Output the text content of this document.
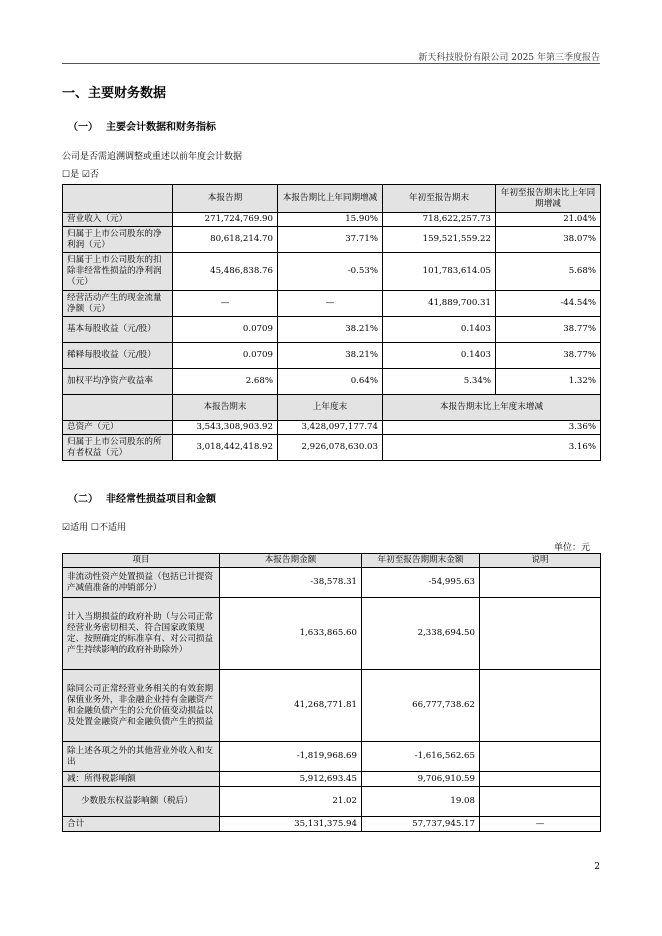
新天科技股份有限公司 2025 年第三季度报告
一、主要财务数据
（一） 主要会计数据和财务指标
公司是否需追溯调整或重述以前年度会计数据
☐是 ☑否
	本报告期	本报告期比上年同期增减	年初至报告期末	年初至报告期末比上年同期增减
营业收入（元）	271,724,769.90	15.90%	718,622,257.73	21.04%
归属于上市公司股东的净利润（元）	80,618,214.70	37.71%	159,521,559.22	38.07%
归属于上市公司股东的扣除非经常性损益的净利润（元）	45,486,838.76	-0.53%	101,783,614.05	5.68%
经营活动产生的现金流量净额（元）	—	—	41,889,700.31	-44.54%
基本每股收益（元/股）	0.0709	38.21%	0.1403	38.77%
稀释每股收益（元/股）	0.0709	38.21%	0.1403	38.77%
加权平均净资产收益率	2.68%	0.64%	5.34%	1.32%
	本报告期末	上年度末	本报告期末比上年度末增减	
总资产（元）	3,543,308,903.92	3,428,097,177.74	3.36%	
归属于上市公司股东的所有者权益（元）	3,018,442,418.92	2,926,078,630.03	3.16%	
（二） 非经常性损益项目和金额
☑适用 ☐不适用
单位：元
项目	本报告期金额	年初至报告期期末金额	说明
非流动性资产处置损益（包括已计提资产减值准备的冲销部分）	-38,578.31	-54,995.63	
计入当期损益的政府补助（与公司正常经营业务密切相关、符合国家政策规定、按照确定的标准享有、对公司损益产生持续影响的政府补助除外）	1,633,865.60	2,338,694.50	
除同公司正常经营业务相关的有效套期保值业务外，非金融企业持有金融资产和金融负债产生的公允价值变动损益以及处置金融资产和金融负债产生的损益	41,268,771.81	66,777,738.62	
除上述各项之外的其他营业外收入和支出	-1,819,968.69	-1,616,562.65	
减：所得税影响额	5,912,693.45	9,706,910.59	
少数股东权益影响额（税后）	21.02	19.08	
合计	35,131,375.94	57,737,945.17	—
2
